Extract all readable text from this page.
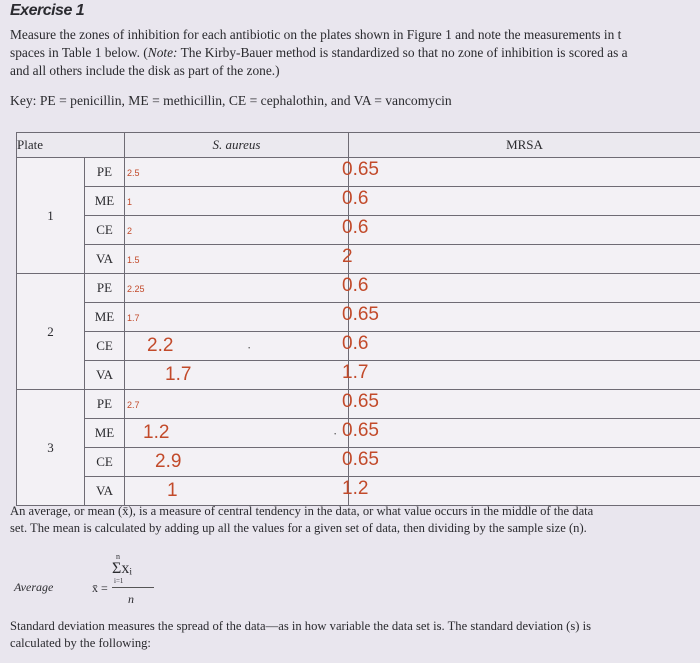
Exercise 1
Measure the zones of inhibition for each antibiotic on the plates shown in Figure 1 and note the measurements in t
spaces in Table 1 below. (Note: The Kirby-Bauer method is standardized so that no zone of inhibition is scored as a
and all others include the disk as part of the zone.)
Key: PE = penicillin, ME = methicillin, CE = cephalothin, and VA = vancomycin
Plate		S. aureus	MRSA
1	PE	2.5	0.65

	ME	1	0.6

	CE	2	0.6

	VA	1.5	2

2	PE	2.25	0.6

	ME	1.7	0.65

	CE	2.2 ·	0.6

	VA	1.7	1.7

3	PE	2.7	0.65

	ME	1.2	· 0.65

	CE	2.9	0.65

	VA	1	1.2
An average, or mean (x̄), is a measure of central tendency in the data, or what value occurs in the middle of the data
set. The mean is calculated by adding up all the values for a given set of data, then dividing by the sample size (n).
Average
n
Σxᵢ
x̄ = i=1
n
Standard deviation measures the spread of the data—as in how variable the data set is. The standard deviation (s) is
calculated by the following:
